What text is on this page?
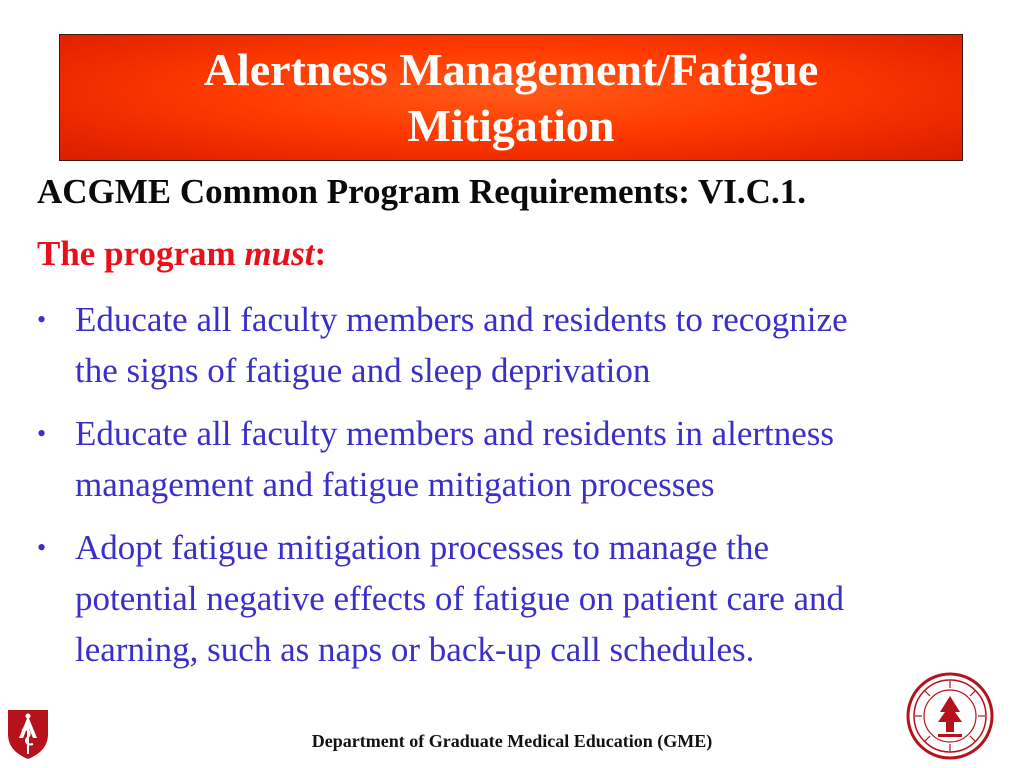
Alertness Management/Fatigue
Mitigation
ACGME Common Program Requirements: VI.C.1.
The program must:
• Educate all faculty members and residents to recognize
the signs of fatigue and sleep deprivation
• Educate all faculty members and residents in alertness
management and fatigue mitigation processes
• Adopt fatigue mitigation processes to manage the
potential negative effects of fatigue on patient care and
learning, such as naps or back-up call schedules.
Department of Graduate Medical Education (GME)
